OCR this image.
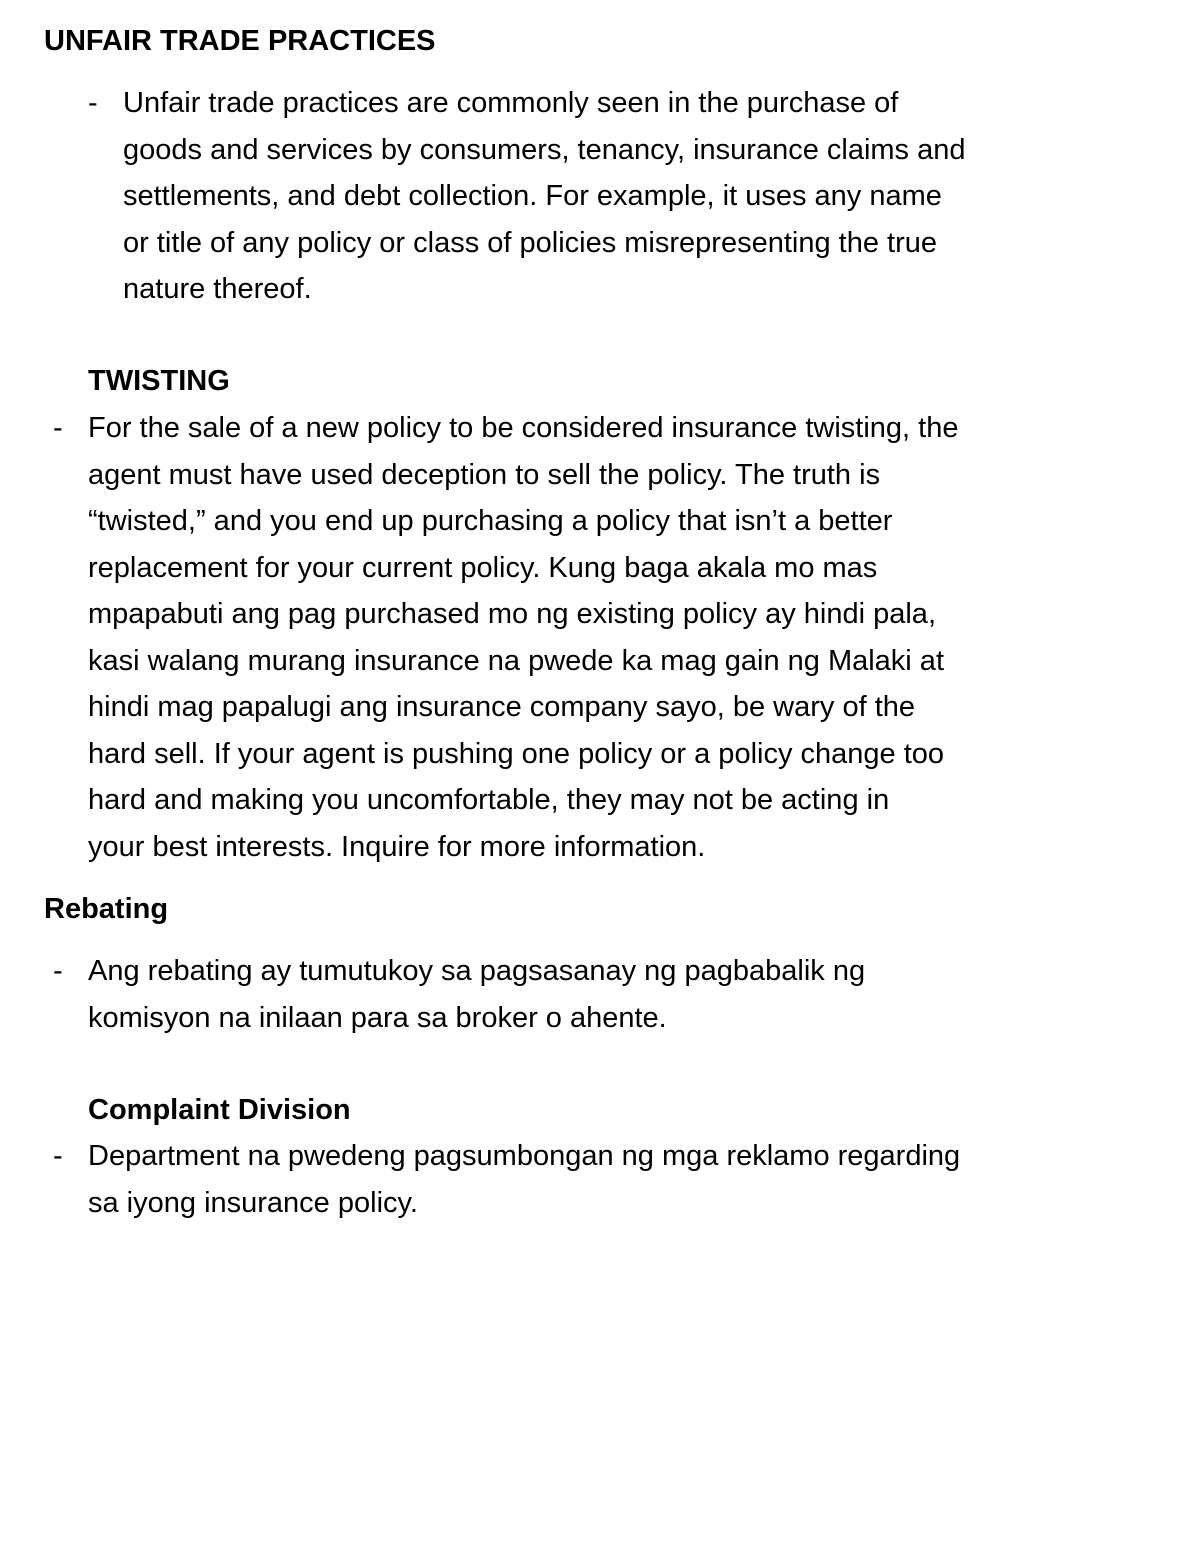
UNFAIR TRADE PRACTICES
- Unfair trade practices are commonly seen in the purchase of
goods and services by consumers, tenancy, insurance claims and
settlements, and debt collection. For example, it uses any name
or title of any policy or class of policies misrepresenting the true
nature thereof.
TWISTING
- For the sale of a new policy to be considered insurance twisting, the
agent must have used deception to sell the policy. The truth is
“twisted,” and you end up purchasing a policy that isn’t a better
replacement for your current policy. Kung baga akala mo mas
mpapabuti ang pag purchased mo ng existing policy ay hindi pala,
kasi walang murang insurance na pwede ka mag gain ng Malaki at
hindi mag papalugi ang insurance company sayo, be wary of the
hard sell. If your agent is pushing one policy or a policy change too
hard and making you uncomfortable, they may not be acting in
your best interests. Inquire for more information.
Rebating
- Ang rebating ay tumutukoy sa pagsasanay ng pagbabalik ng
komisyon na inilaan para sa broker o ahente.
Complaint Division
- Department na pwedeng pagsumbongan ng mga reklamo regarding
sa iyong insurance policy.
